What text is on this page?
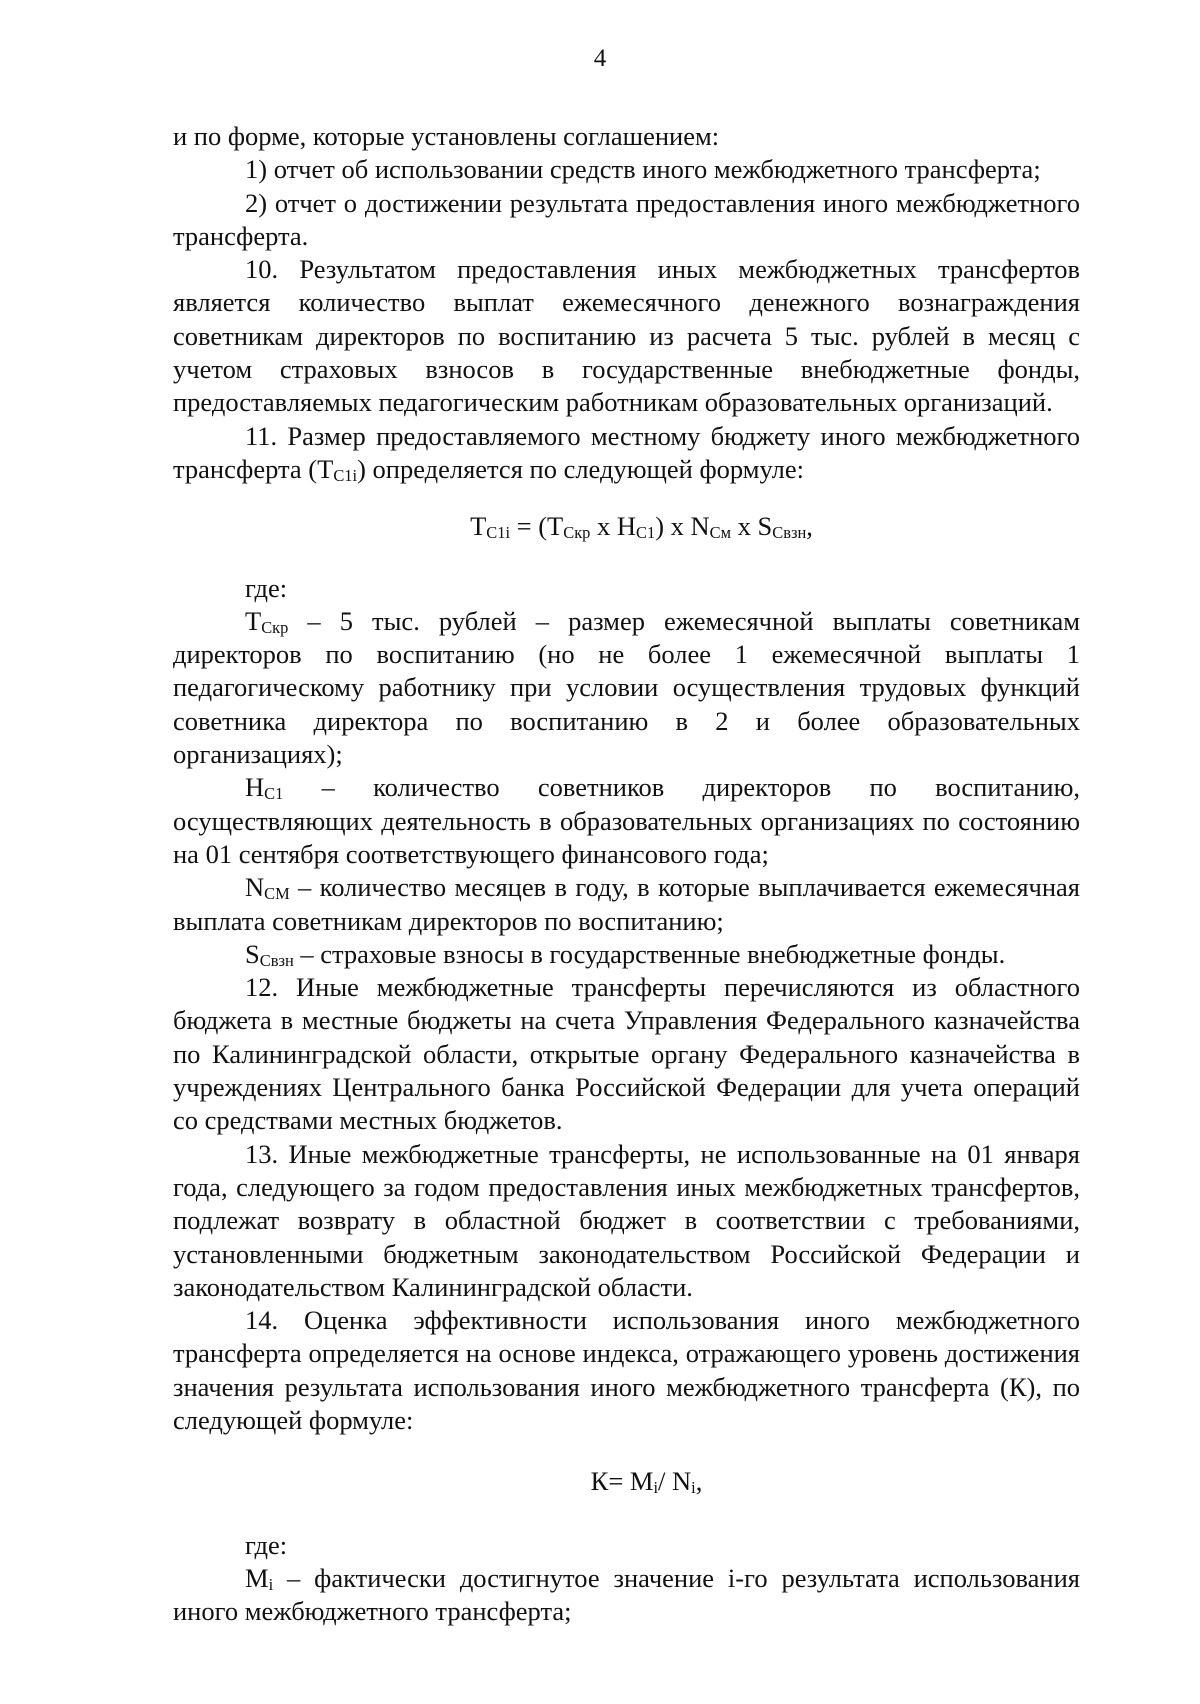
4
и по форме, которые установлены соглашением:
1) отчет об использовании средств иного межбюджетного трансферта;
2) отчет о достижении результата предоставления иного межбюджетного трансферта.
10. Результатом предоставления иных межбюджетных трансфертов является количество выплат ежемесячного денежного вознаграждения советникам директоров по воспитанию из расчета 5 тыс. рублей в месяц с учетом страховых взносов в государственные внебюджетные фонды, предоставляемых педагогическим работникам образовательных организаций.
11. Размер предоставляемого местному бюджету иного межбюджетного трансферта $(Т_{C1i})$ определяется по следующей формуле:
$Т_{C1i} = (Т_{Скр}$ х $Н_{C1}$) х $N_{См}$ х $S_{Свзн}$,
где:
$Т_{Скр} - 5$ тыс. рублей – размер ежемесячной выплаты советникам директоров по воспитанию (но не более 1 ежемесячной выплаты 1 педагогическому работнику при условии осуществления трудовых функций советника директора по воспитанию в 2 и более образовательных организациях);
$Н_{C1}$ – количество советников директоров по воспитанию, осуществляющих деятельность в образовательных организациях по состоянию на 01 сентября соответствующего финансового года;
$N_{CM}$ – количество месяцев в году, в которые выплачивается ежемесячная выплата советникам директоров по воспитанию;
$S_{Свзн}$ – страховые взносы в государственные внебюджетные фонды.
12. Иные межбюджетные трансферты перечисляются из областного бюджета в местные бюджеты на счета Управления Федерального казначейства по Калининградской области, открытые органу Федерального казначейства в учреждениях Центрального банка Российской Федерации для учета операций со средствами местных бюджетов.
13. Иные межбюджетные трансферты, не использованные на 01 января года, следующего за годом предоставления иных межбюджетных трансфертов, подлежат возврату в областной бюджет в соответствии с требованиями, установленными бюджетным законодательством Российской Федерации и законодательством Калининградской области.
14. Оценка эффективности использования иного межбюджетного трансферта определяется на основе индекса, отражающего уровень достижения значения результата использования иного межбюджетного трансферта (К), по следующей формуле:
$К= М_i/$ $N_i$,
где:
$M_i$ – фактически достигнутое значение i-го результата использования иного межбюджетного трансферта;
